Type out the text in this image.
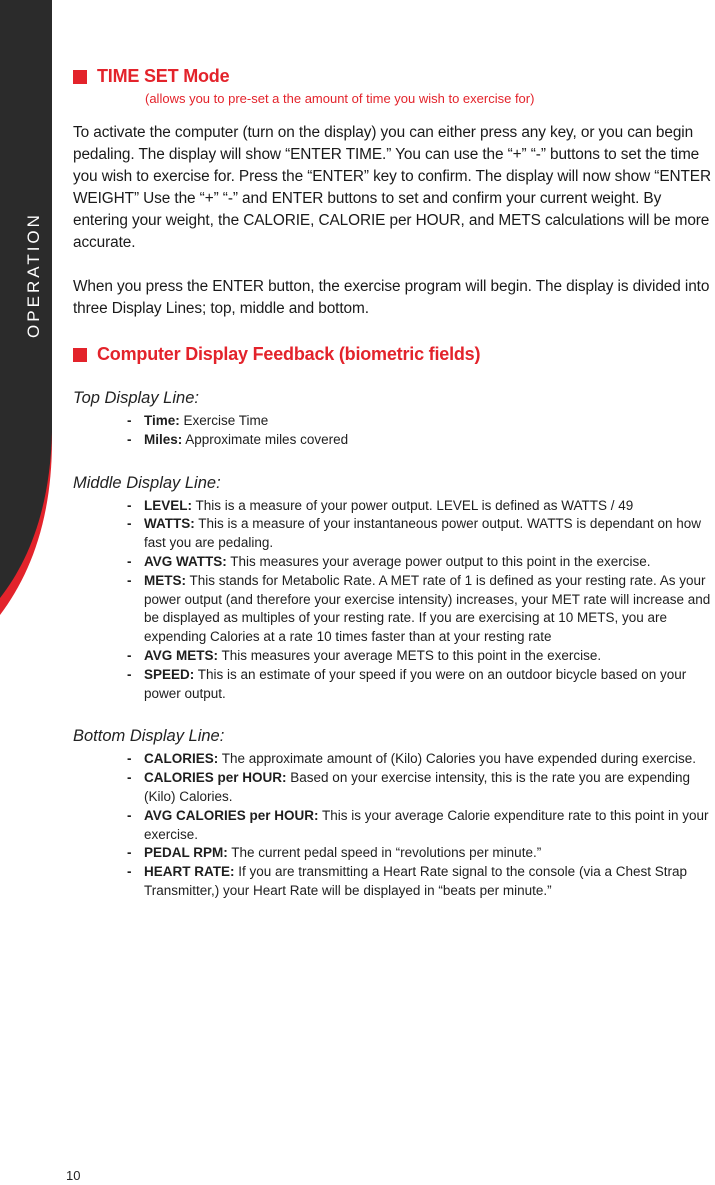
OPERATION
TIME SET Mode
(allows you to pre-set a the amount of time you wish to exercise for)

To activate the computer (turn on the display) you can either press any key, or you can begin pedaling. The display will show “ENTER TIME.” You can use the “+” “-” buttons to set the time you wish to exercise for. Press the “ENTER” key to confirm. The display will now show “ENTER WEIGHT” Use the “+” “-” and ENTER buttons to set and confirm your current weight. By entering your weight, the CALORIE, CALORIE per HOUR, and METS calculations will be more accurate.

When you press the ENTER button, the exercise program will begin. The display is divided into three Display Lines; top, middle and bottom.

Computer Display Feedback (biometric fields)

Top Display Line:

- Time: Exercise Time
- Miles: Approximate miles covered

Middle Display Line:

- LEVEL: This is a measure of your power output. LEVEL is defined as WATTS / 49
- WATTS: This is a measure of your instantaneous power output. WATTS is dependant on how fast you are pedaling.
- AVG WATTS: This measures your average power output to this point in the exercise.
- METS: This stands for Metabolic Rate. A MET rate of 1 is defined as your resting rate. As your power output (and therefore your exercise intensity) increases, your MET rate will increase and be displayed as multiples of your resting rate. If you are exercising at 10 METS, you are expending Calories at a rate 10 times faster than at your resting rate
- AVG METS: This measures your average METS to this point in the exercise.
- SPEED: This is an estimate of your speed if you were on an outdoor bicycle based on your power output.

Bottom Display Line:

- CALORIES: The approximate amount of (Kilo) Calories you have expended during exercise.
- CALORIES per HOUR: Based on your exercise intensity, this is the rate you are expending (Kilo) Calories.
- AVG CALORIES per HOUR: This is your average Calorie expenditure rate to this point in your exercise.
- PEDAL RPM: The current pedal speed in “revolutions per minute.”
- HEART RATE: If you are transmitting a Heart Rate signal to the console (via a Chest Strap Transmitter,) your Heart Rate will be displayed in “beats per minute.”
10
